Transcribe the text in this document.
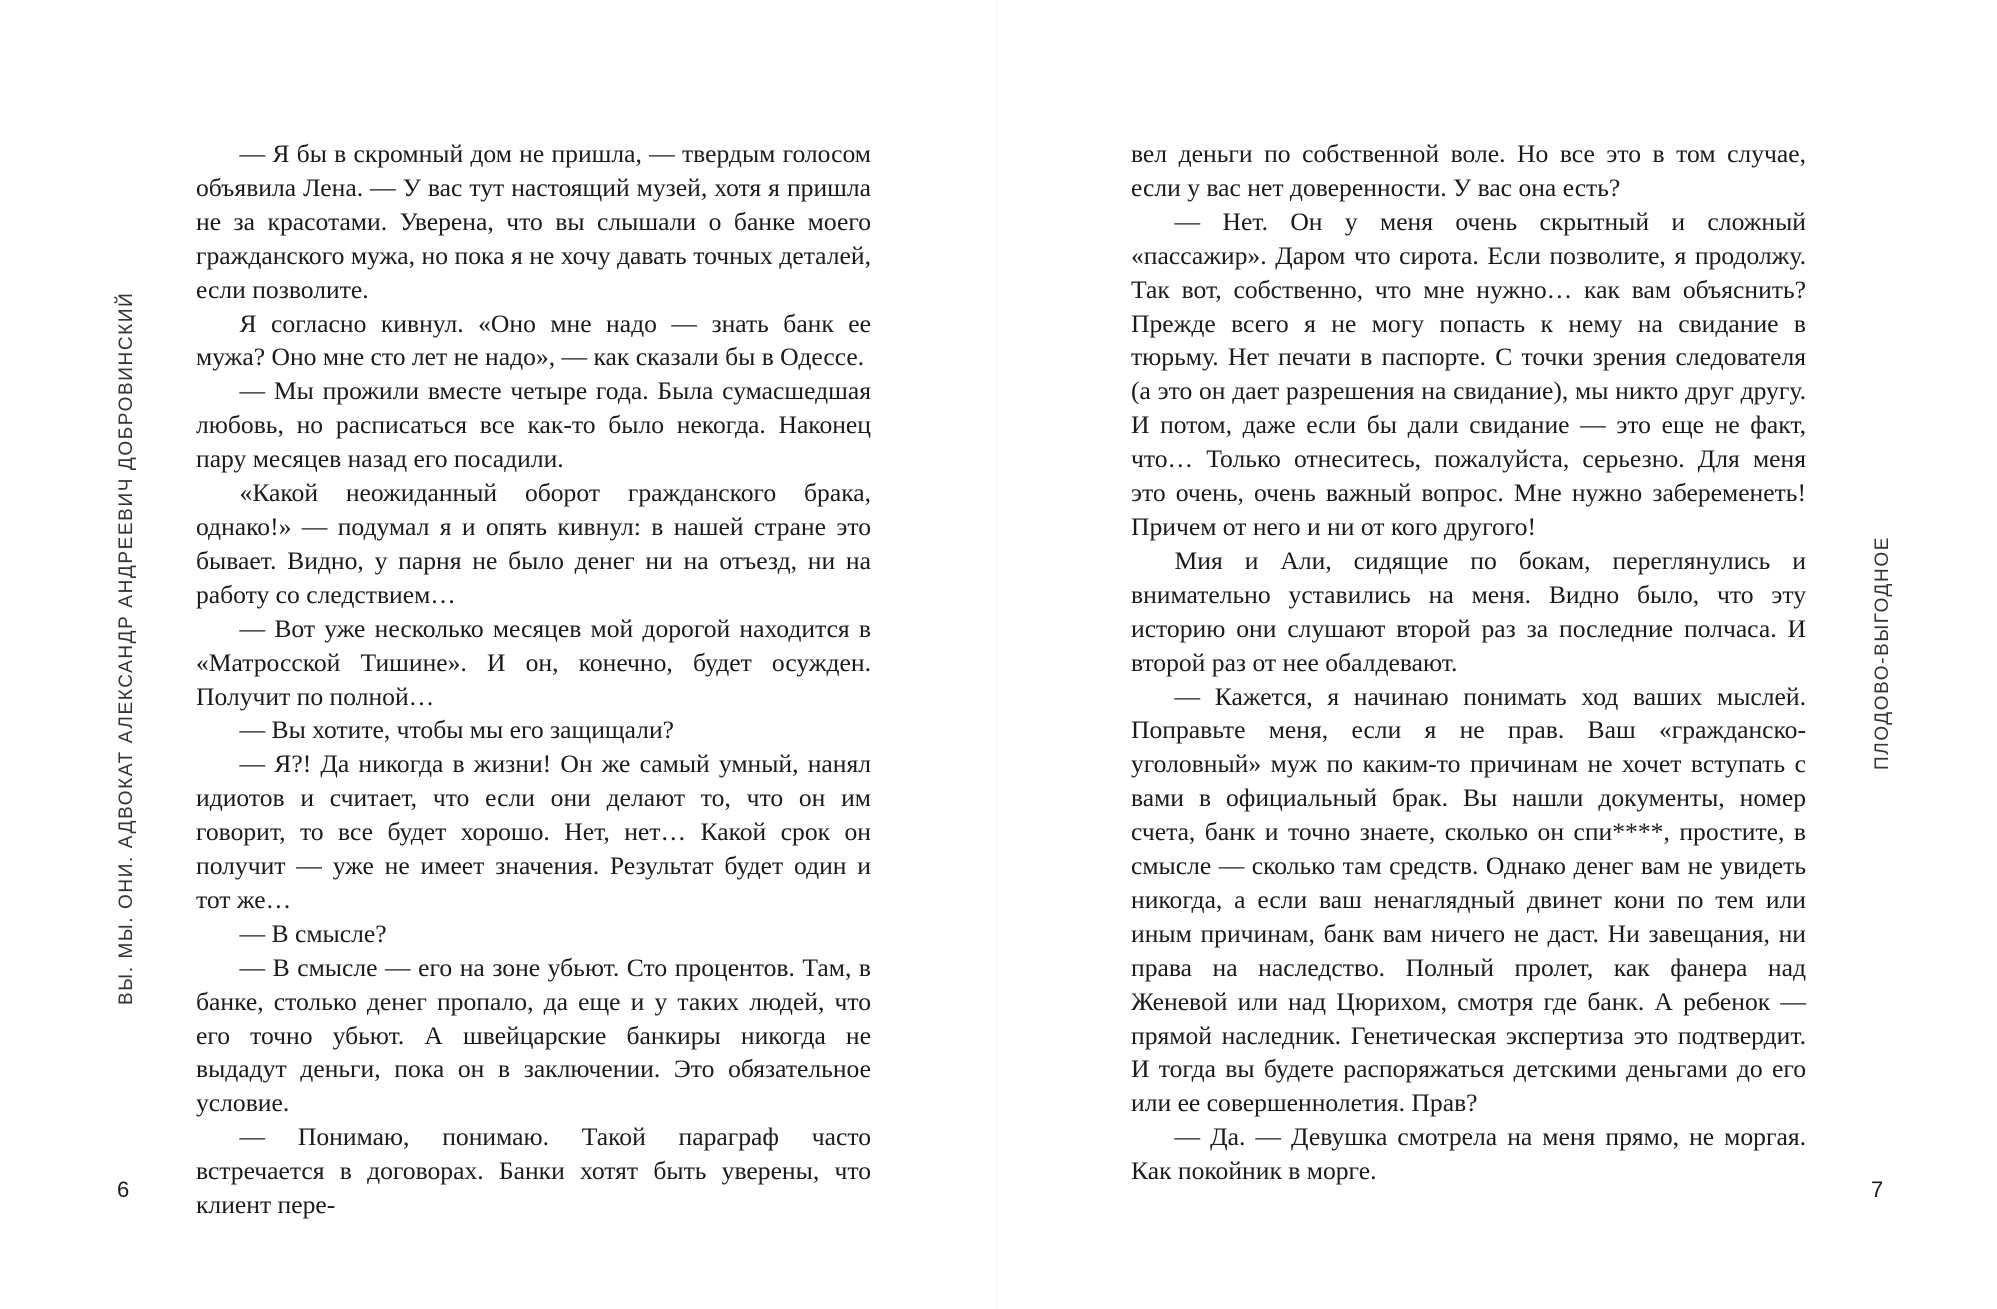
ВЫ. МЫ. ОНИ. АДВОКАТ АЛЕКСАНДР АНДРЕЕВИЧ ДОБРОВИНСКИЙ

— Я бы в скромный дом не пришла, — твердым голосом объявила Лена. — У вас тут настоящий музей, хотя я пришла не за красотами. Уверена, что вы слышали о банке моего гражданского мужа, но пока я не хочу давать точных деталей, если позволите.

Я согласно кивнул. «Оно мне надо — знать банк ее мужа? Оно мне сто лет не надо», — как сказали бы в Одессе.

— Мы прожили вместе четыре года. Была сумасшедшая любовь, но расписаться все как-то было некогда. Наконец пару месяцев назад его посадили.

«Какой неожиданный оборот гражданского брака, однако!» — подумал я и опять кивнул: в нашей стране это бывает. Видно, у парня не было денег ни на отъезд, ни на работу со следствием…

— Вот уже несколько месяцев мой дорогой находится в «Матросской Тишине». И он, конечно, будет осужден. Получит по полной…

— Вы хотите, чтобы мы его защищали?

— Я?! Да никогда в жизни! Он же самый умный, нанял идиотов и считает, что если они делают то, что он им говорит, то все будет хорошо. Нет, нет… Какой срок он получит — уже не имеет значения. Результат будет один и тот же…

— В смысле?

— В смысле — его на зоне убьют. Сто процентов. Там, в банке, столько денег пропало, да еще и у таких людей, что его точно убьют. А швейцарские банкиры никогда не выдадут деньги, пока он в заключении. Это обязательное условие.

— Понимаю, понимаю. Такой параграф часто встречается в договорах. Банки хотят быть уверены, что клиент пере-

6

вел деньги по собственной воле. Но все это в том случае, если у вас нет доверенности. У вас она есть?

— Нет. Он у меня очень скрытный и сложный «пассажир». Даром что сирота. Если позволите, я продолжу. Так вот, собственно, что мне нужно… как вам объяснить? Прежде всего я не могу попасть к нему на свидание в тюрьму. Нет печати в паспорте. С точки зрения следователя (а это он дает разрешения на свидание), мы никто друг другу. И потом, даже если бы дали свидание — это еще не факт, что… Только отнеситесь, пожалуйста, серьезно. Для меня это очень, очень важный вопрос. Мне нужно забеременеть! Причем от него и ни от кого другого!

Мия и Али, сидящие по бокам, переглянулись и внимательно уставились на меня. Видно было, что эту историю они слушают второй раз за последние полчаса. И второй раз от нее обалдевают.

— Кажется, я начинаю понимать ход ваших мыслей. Поправьте меня, если я не прав. Ваш «гражданско-уголовный» муж по каким-то причинам не хочет вступать с вами в официальный брак. Вы нашли документы, номер счета, банк и точно знаете, сколько он спи****, простите, в смысле — сколько там средств. Однако денег вам не увидеть никогда, а если ваш ненаглядный двинет кони по тем или иным причинам, банк вам ничего не даст. Ни завещания, ни права на наследство. Полный пролет, как фанера над Женевой или над Цюрихом, смотря где банк. А ребенок — прямой наследник. Генетическая экспертиза это подтвердит. И тогда вы будете распоряжаться детскими деньгами до его или ее совершеннолетия. Прав?

— Да. — Девушка смотрела на меня прямо, не моргая. Как покойник в морге.

ПЛОДОВО-ВЫГОДНОЕ
7
